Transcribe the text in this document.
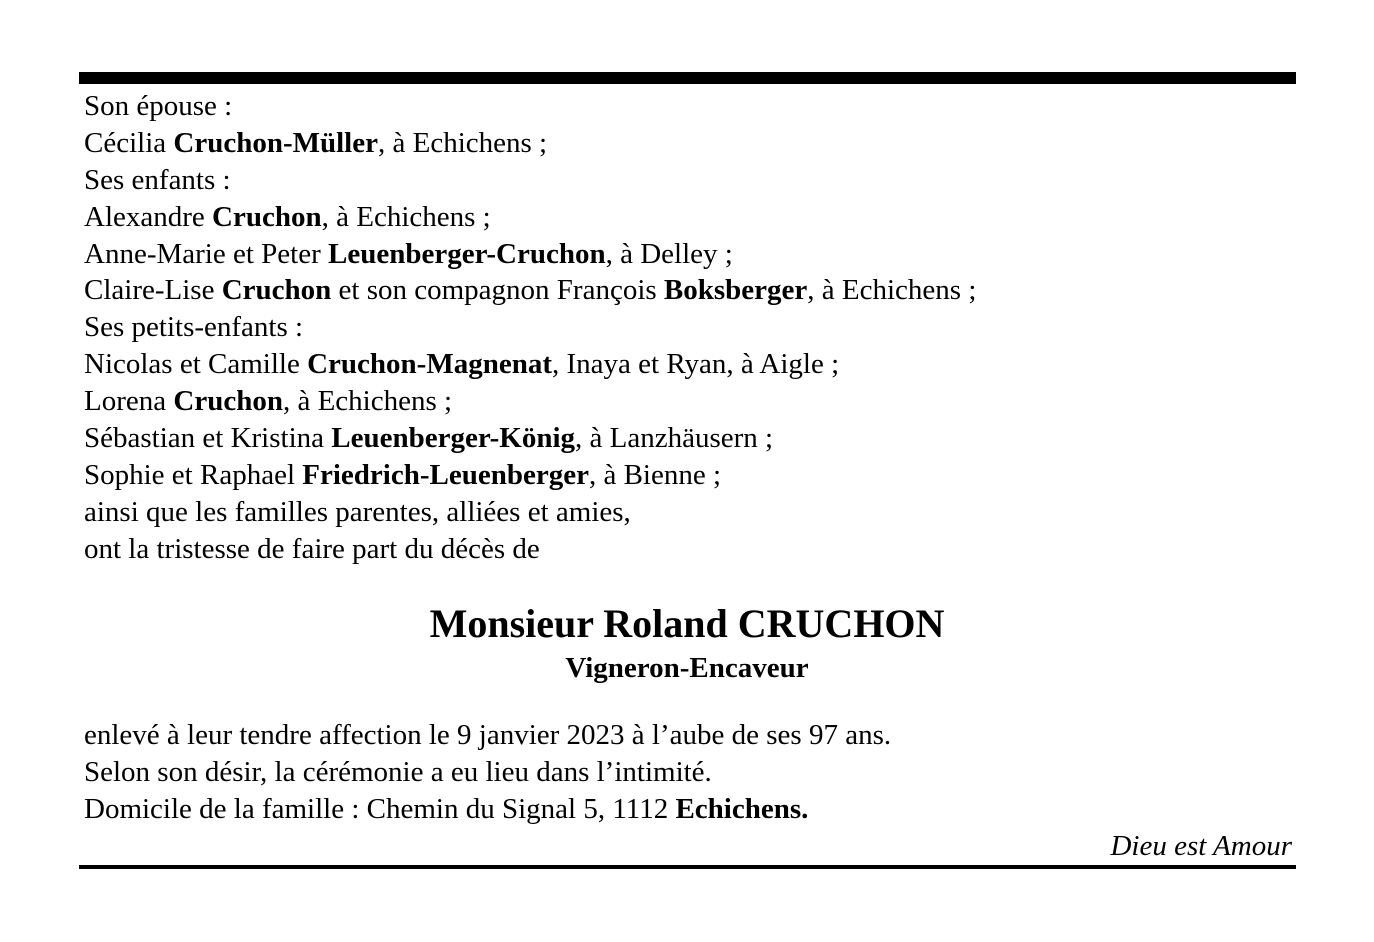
Son épouse :
Cécilia Cruchon-Müller, à Echichens ;
Ses enfants :
Alexandre Cruchon, à Echichens ;
Anne-Marie et Peter Leuenberger-Cruchon, à Delley ;
Claire-Lise Cruchon et son compagnon François Boksberger, à Echichens ;
Ses petits-enfants :
Nicolas et Camille Cruchon-Magnenat, Inaya et Ryan, à Aigle ;
Lorena Cruchon, à Echichens ;
Sébastian et Kristina Leuenberger-König, à Lanzhäusern ;
Sophie et Raphael Friedrich-Leuenberger, à Bienne ;
ainsi que les familles parentes, alliées et amies,
ont la tristesse de faire part du décès de
Monsieur Roland CRUCHON
Vigneron-Encaveur
enlevé à leur tendre affection le 9 janvier 2023 à l’aube de ses 97 ans.
Selon son désir, la cérémonie a eu lieu dans l’intimité.
Domicile de la famille : Chemin du Signal 5, 1112 Echichens.
Dieu est Amour
